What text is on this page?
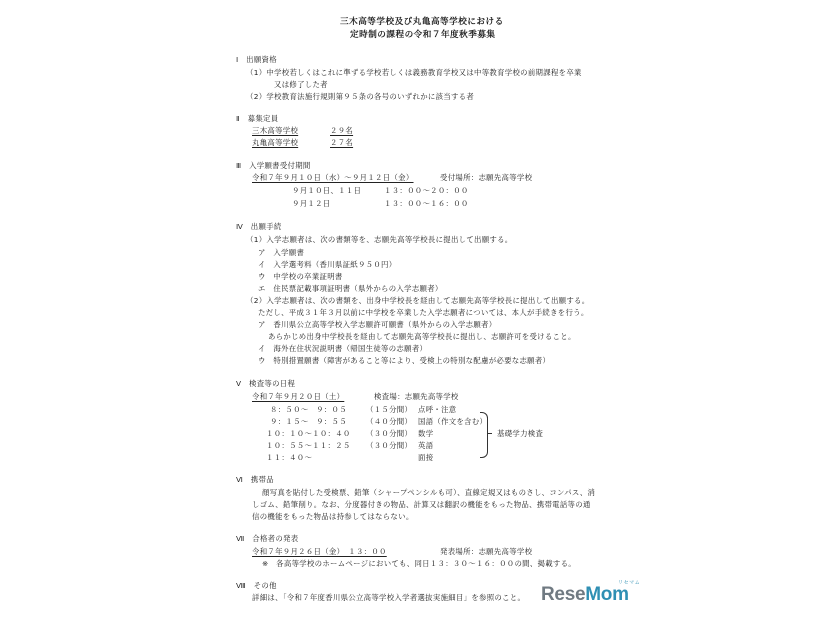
三木高等学校及び丸亀高等学校における
定時制の課程の令和７年度秋季募集
Ⅰ　出願資格
（1）中学校若しくはこれに準ずる学校若しくは義務教育学校又は中等教育学校の前期課程を卒業
又は修了した者
（2）学校教育法施行規則第９５条の各号のいずれかに該当する者
Ⅱ　募集定員
三木高等学校	２９名
丸亀高等学校	２７名
Ⅲ　入学願書受付期間
令和７年９月１０日（水）～９月１２日（金）	受付場所：志願先高等学校
９月１０日、１１日	１３：００～２０：００
９月１２日	１３：００～１６：００
Ⅳ　出願手続
（1）入学志願者は、次の書類等を、志願先高等学校長に提出して出願する。
ア　入学願書
イ　入学選考料（香川県証紙９５０円）
ウ　中学校の卒業証明書
エ　住民票記載事項証明書（県外からの入学志願者）
（2）入学志願者は、次の書類を、出身中学校長を経由して志願先高等学校長に提出して出願する。
ただし、平成３１年３月以前に中学校を卒業した入学志願者については、本人が手続きを行う。
ア　香川県公立高等学校入学志願許可願書（県外からの入学志願者）
あらかじめ出身中学校長を経由して志願先高等学校長に提出し、志願許可を受けること。
イ　海外在住状況説明書（帰国生徒等の志願者）
ウ　特別措置願書（障害があること等により、受検上の特別な配慮が必要な志願者）
Ⅴ　検査等の日程
令和７年９月２０日（土）	検査場：志願先高等学校
８：５０～　９：０５	（１５分間） 点呼・注意
９：１５～　９：５５	（４０分間） 国語（作文を含む）
１０：１０～１０：４０ （３０分間） 数学
１０：５５～１１：２５ （３０分間） 英語
１１：４０～	面接
基礎学力検査
Ⅵ　携帯品
顔写真を貼付した受検票、鉛筆（シャープペンシルも可）、直線定規又はものさし、コンパス、消
しゴム、鉛筆削り。なお、分度器付きの物品、計算又は翻訳の機能をもった物品、携帯電話等の通
信の機能をもった物品は持参してはならない。
Ⅶ　合格者の発表
令和７年９月２６日（金）　１３：００	発表場所：志願先高等学校
※　各高等学校のホームページにおいても、同日１３：３０～１６：００の間、掲載する。
Ⅷ　その他
詳細は、「令和７年度香川県公立高等学校入学者選抜実施細目」を参照のこと。 ReseMom
リセマム
